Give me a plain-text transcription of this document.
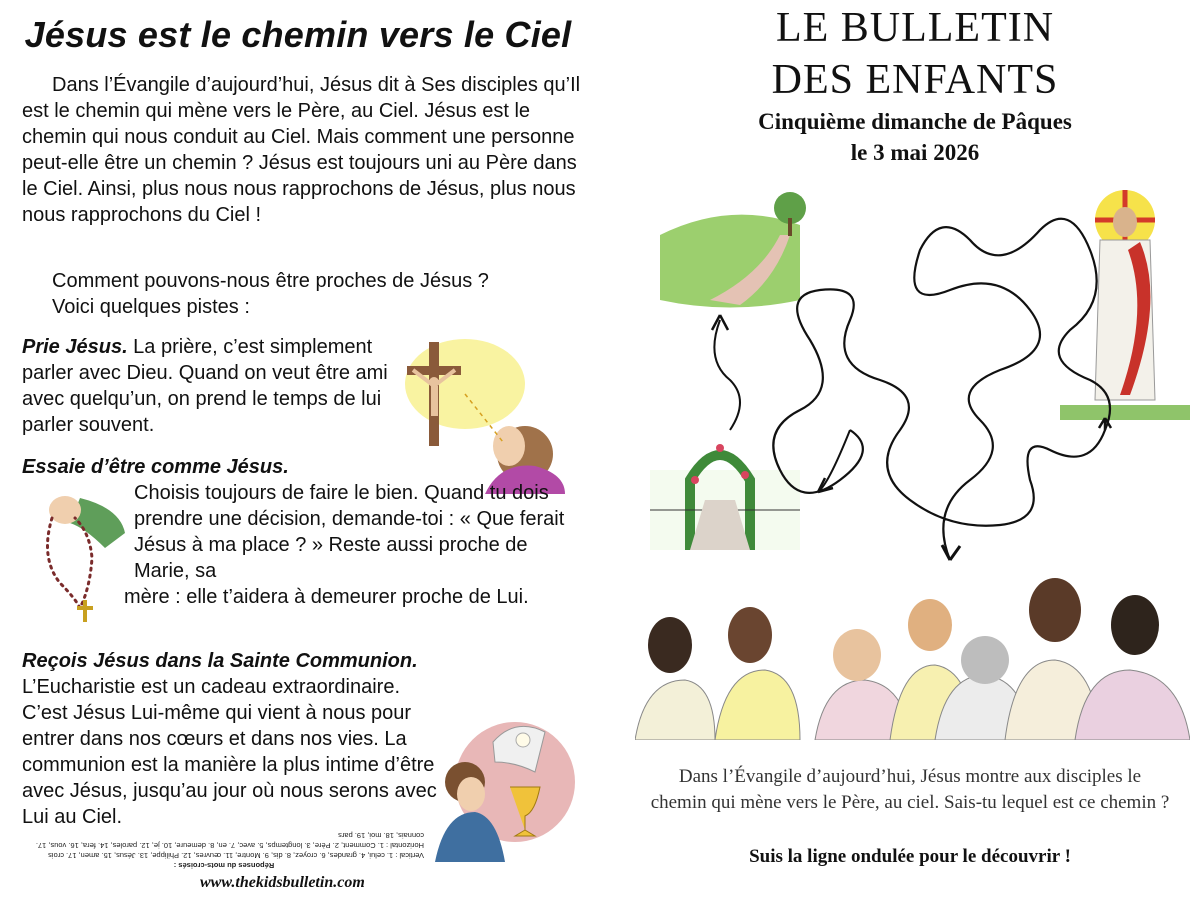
Jésus est le chemin vers le Ciel

Dans l’Évangile d’aujourd’hui, Jésus dit à Ses disciples qu’Il est le chemin qui mène vers le Père, au Ciel. Jésus est le chemin qui nous conduit au Ciel. Mais comment une personne peut-elle être un chemin ? Jésus est toujours uni au Père dans le Ciel. Ainsi, plus nous nous rapprochons de Jésus, plus nous nous rapprochons du Ciel !

Comment pouvons-nous être proches de Jésus ?
Voici quelques pistes :
Prie Jésus. La prière, c’est simplement parler avec Dieu. Quand on veut être ami avec quelqu’un, on prend le temps de lui parler souvent.
Essaie d’être comme Jésus.
Choisis toujours de faire le bien. Quand tu dois prendre une décision, demande-toi : « Que ferait Jésus à ma place ? » Reste aussi proche de Marie, sa
mère : elle t’aidera à demeurer proche de Lui.
Reçois Jésus dans la Sainte Communion.
L’Eucharistie est un cadeau extraordinaire. C’est Jésus Lui-même qui vient à nous pour entrer dans nos cœurs et dans nos vies. La communion est la manière la plus intime d’être avec Jésus, jusqu’au jour où nous serons avec Lui au Ciel.
Réponses du mots-croisés :
Vertical : 1. celui, 4. grandes, 6. croyez, 8. dis, 9. Montre, 11. œuvres, 12. Philippe, 13. Jésus, 15. amen, 17. crois
Horizontal : 1. Comment, 2. Père, 3. longtemps, 5. avec, 7. en, 8. demeure, 10. je, 12. paroles, 14. fera, 16. vous, 17. connais, 18. moi, 19. pars
www.thekidsbulletin.com
LE BULLETIN
DES ENFANTS
Cinquième dimanche de Pâques
le 3 mai 2026
Dans l’Évangile d’aujourd’hui, Jésus montre aux disciples le chemin qui mène vers le Père, au ciel. Sais-tu lequel est ce chemin ?
Suis la ligne ondulée pour le découvrir !
